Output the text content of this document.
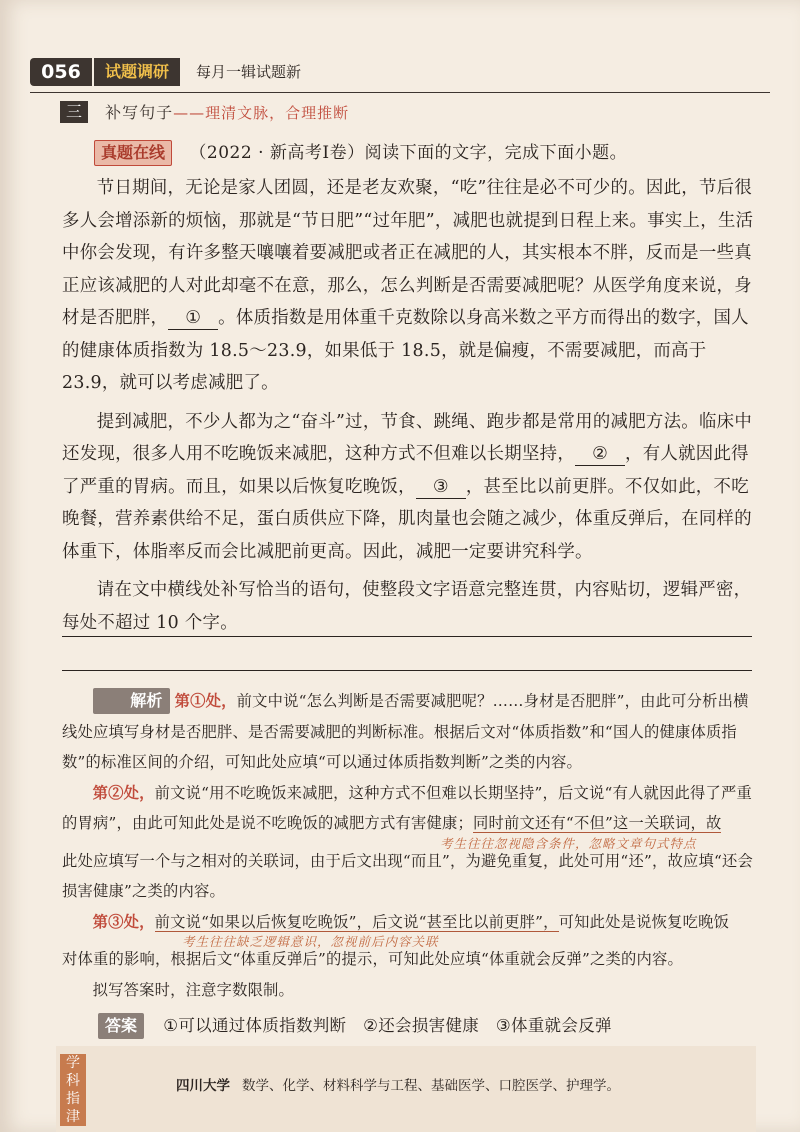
056	试题调研	每月一辑试题新
三 补写句子——理清文脉，合理推断
真题在线 （2022 · 新高考Ⅰ卷）阅读下面的文字，完成下面小题。

节日期间，无论是家人团圆，还是老友欢聚，“吃”往往是必不可少的。因此，节后很多人会增添新的烦恼，那就是“节日肥”“过年肥”，减肥也就提到日程上来。事实上，生活中你会发现，有许多整天嚷嚷着要减肥或者正在减肥的人，其实根本不胖，反而是一些真正应该减肥的人对此却毫不在意，那么，怎么判断是否需要减肥呢？从医学角度来说，身材是否肥胖， ① 。体质指数是用体重千克数除以身高米数之平方而得出的数字，国人的健康体质指数为 18.5～23.9，如果低于 18.5，就是偏瘦，不需要减肥，而高于 23.9，就可以考虑减肥了。

提到减肥，不少人都为之“奋斗”过，节食、跳绳、跑步都是常用的减肥方法。临床中还发现，很多人用不吃晚饭来减肥，这种方式不但难以长期坚持， ② ，有人就因此得了严重的胃病。而且，如果以后恢复吃晚饭， ③ ，甚至比以前更胖。不仅如此，不吃晚餐，营养素供给不足，蛋白质供应下降，肌肉量也会随之减少，体重反弹后，在同样的体重下，体脂率反而会比减肥前更高。因此，减肥一定要讲究科学。

请在文中横线处补写恰当的语句，使整段文字语意完整连贯，内容贴切，逻辑严密，每处不超过 10 个字。

解析 第①处，前文中说“怎么判断是否需要减肥呢？……身材是否肥胖”，由此可分析出横线处应填写身材是否肥胖、是否需要减肥的判断标准。根据后文对“体质指数”和“国人的健康体质指数”的标准区间的介绍，可知此处应填“可以通过体质指数判断”之类的内容。

第②处，前文说“用不吃晚饭来减肥，这种方式不但难以长期坚持”，后文说“有人就因此得了严重的胃病”，由此可知此处是说不吃晚饭的减肥方式有害健康；同时前文还有“不但”这一关联词，故

考生往往忽视隐含条件，忽略文章句式特点

此处应填写一个与之相对的关联词，由于后文出现“而且”，为避免重复，此处可用“还”，故应填“还会损害健康”之类的内容。

第③处，前文说“如果以后恢复吃晚饭”，后文说“甚至比以前更胖”，可知此处是说恢复吃晚饭

考生往往缺乏逻辑意识，忽视前后内容关联

对体重的影响，根据后文“体重反弹后”的提示，可知此处应填“体重就会反弹”之类的内容。

拟写答案时，注意字数限制。

答案 ①可以通过体质指数判断　②还会损害健康　③体重就会反弹
学科指津
四川大学 数学、化学、材料科学与工程、基础医学、口腔医学、护理学。
